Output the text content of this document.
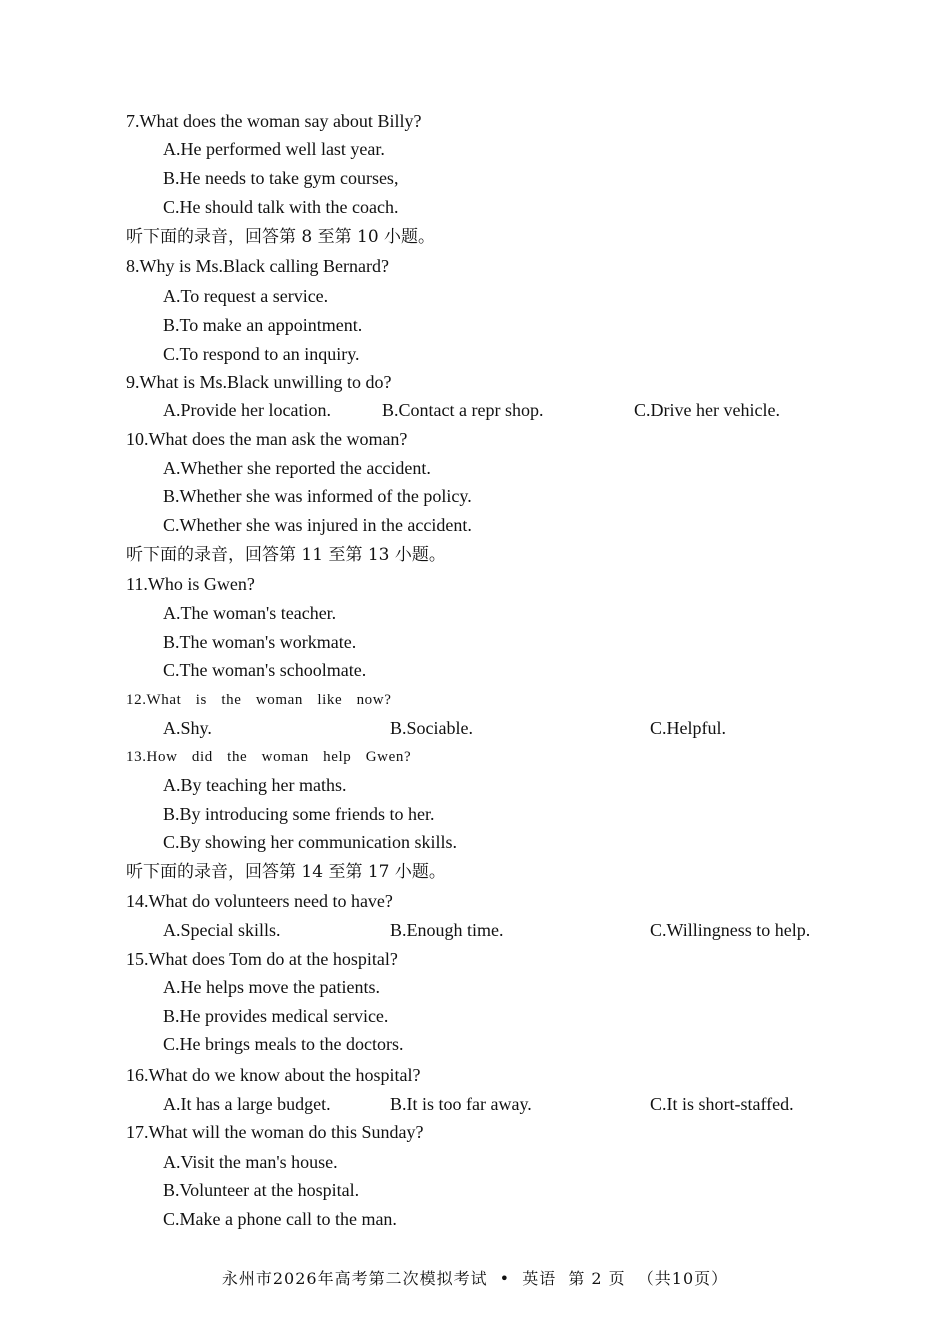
7.What does the woman say about Billy?
A.He performed well last year.
B.He needs to take gym courses,
C.He should talk with the coach.
听下面的录音，回答第 8 至第 10 小题。
8.Why is Ms.Black calling Bernard?
A.To request a service.
B.To make an appointment.
C.To respond to an inquiry.
9.What is Ms.Black unwilling to do?
A.Provide her location.	B.Contact a repr shop.	C.Drive her vehicle.
10.What does the man ask the woman?
A.Whether she reported the accident.
B.Whether she was informed of the policy.
C.Whether she was injured in the accident.
听下面的录音，回答第 11 至第 13 小题。
11.Who is Gwen?
A.The woman's teacher.
B.The woman's workmate.
C.The woman's schoolmate.
12.What is the woman like now?
A.Shy.	B.Sociable.	C.Helpful.
13.How did the woman help Gwen?
A.By teaching her maths.
B.By introducing some friends to her.
C.By showing her communication skills.
听下面的录音，回答第 14 至第 17 小题。
14.What do volunteers need to have?
A.Special skills.	B.Enough time.	C.Willingness to help.
15.What does Tom do at the hospital?
A.He helps move the patients.
B.He provides medical service.
C.He brings meals to the doctors.
16.What do we know about the hospital?
A.It has a large budget.	B.It is too far away.	C.It is short-staffed.
17.What will the woman do this Sunday?
A.Visit the man's house.
B.Volunteer at the hospital.
C.Make a phone call to the man.
永州市2026年高考第二次模拟考试 • 英语 第 2 页 （共10页）
